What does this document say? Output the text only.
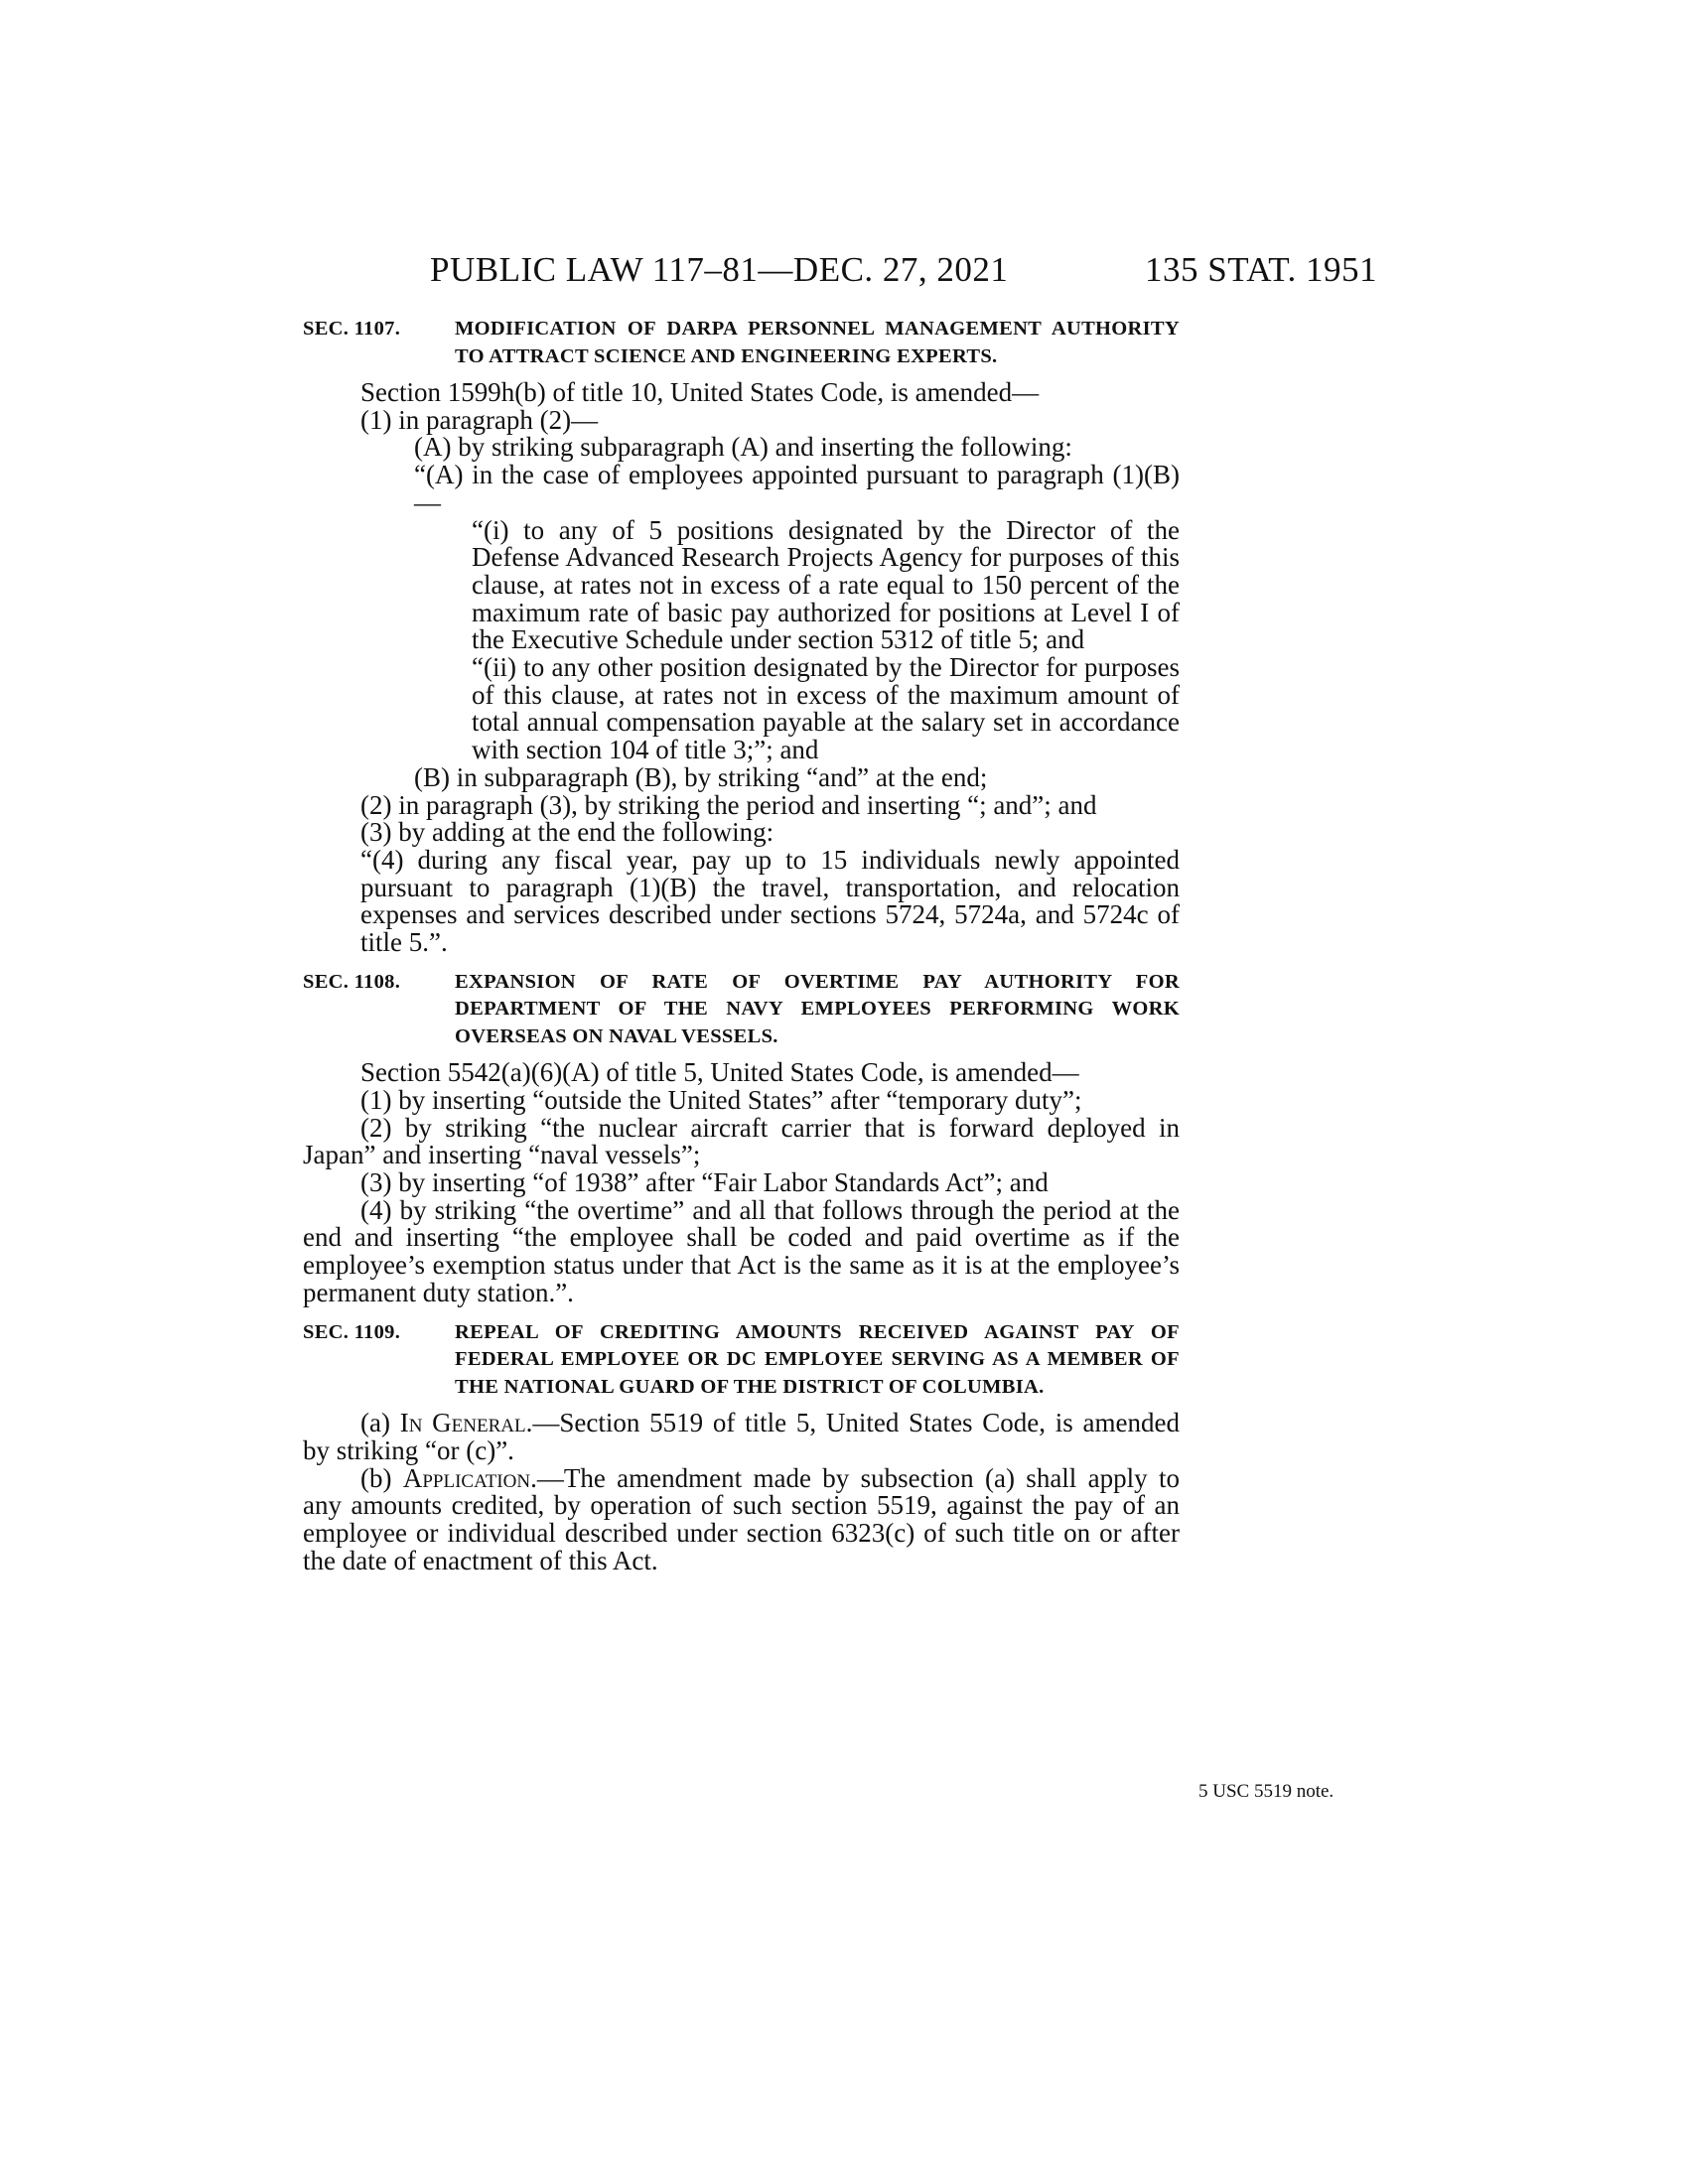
PUBLIC LAW 117–81—DEC. 27, 2021	135 STAT. 1951
SEC. 1107.	MODIFICATION OF DARPA PERSONNEL MANAGEMENT AUTHORITY TO ATTRACT SCIENCE AND ENGINEERING EXPERTS.

Section 1599h(b) of title 10, United States Code, is amended—

(1) in paragraph (2)—

(A) by striking subparagraph (A) and inserting the following:

“(A) in the case of employees appointed pursuant to paragraph (1)(B)—

“(i) to any of 5 positions designated by the Director of the Defense Advanced Research Projects Agency for purposes of this clause, at rates not in excess of a rate equal to 150 percent of the maximum rate of basic pay authorized for positions at Level I of the Executive Schedule under section 5312 of title 5; and

“(ii) to any other position designated by the Director for purposes of this clause, at rates not in excess of the maximum amount of total annual compensation payable at the salary set in accordance with section 104 of title 3;”; and

(B) in subparagraph (B), by striking “and” at the end;

(2) in paragraph (3), by striking the period and inserting “; and”; and

(3) by adding at the end the following:

“(4) during any fiscal year, pay up to 15 individuals newly appointed pursuant to paragraph (1)(B) the travel, transportation, and relocation expenses and services described under sections 5724, 5724a, and 5724c of title 5.”.

SEC. 1108.	EXPANSION OF RATE OF OVERTIME PAY AUTHORITY FOR DEPARTMENT OF THE NAVY EMPLOYEES PERFORMING WORK OVERSEAS ON NAVAL VESSELS.

Section 5542(a)(6)(A) of title 5, United States Code, is amended—

(1) by inserting “outside the United States” after “temporary duty”;

(2) by striking “the nuclear aircraft carrier that is forward deployed in Japan” and inserting “naval vessels”;

(3) by inserting “of 1938” after “Fair Labor Standards Act”; and

(4) by striking “the overtime” and all that follows through the period at the end and inserting “the employee shall be coded and paid overtime as if the employee’s exemption status under that Act is the same as it is at the employee’s permanent duty station.”.

SEC. 1109.	REPEAL OF CREDITING AMOUNTS RECEIVED AGAINST PAY OF FEDERAL EMPLOYEE OR DC EMPLOYEE SERVING AS A MEMBER OF THE NATIONAL GUARD OF THE DISTRICT OF COLUMBIA.

(a) In General.—Section 5519 of title 5, United States Code, is amended by striking “or (c)”.

(b) Application.—The amendment made by subsection (a) shall apply to any amounts credited, by operation of such section 5519, against the pay of an employee or individual described under section 6323(c) of such title on or after the date of enactment of this Act.

5 USC 5519 note.
